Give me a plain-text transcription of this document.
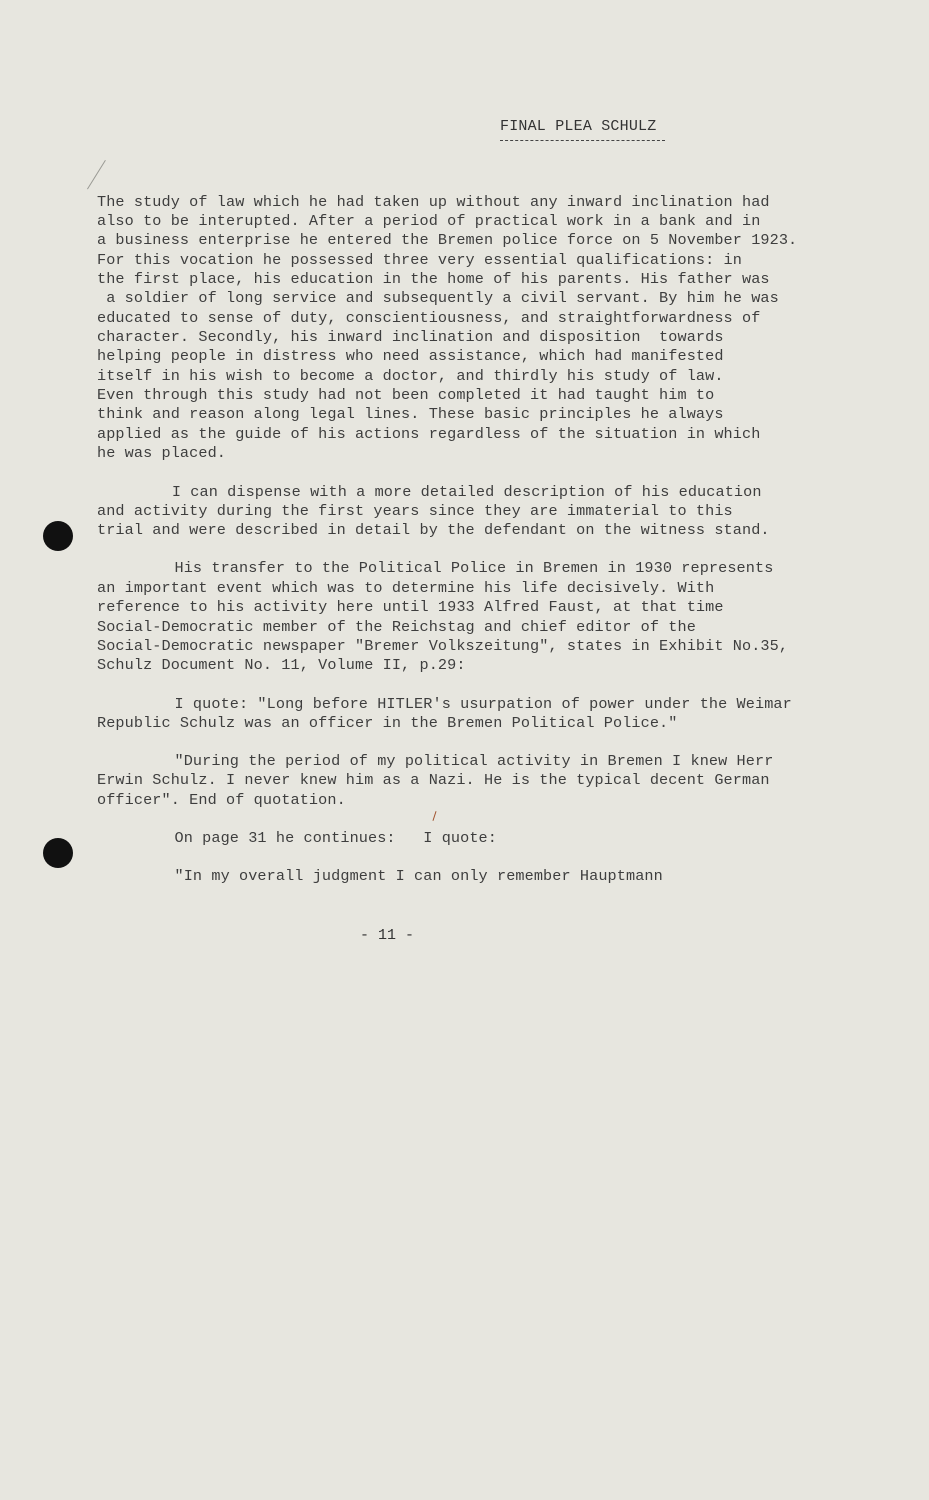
FINAL PLEA SCHULZ
The study of law which he had taken up without any inward inclination had
also to be interupted. After a period of practical work in a bank and in
a business enterprise he entered the Bremen police force on 5 November 1923.
For this vocation he possessed three very essential qualifications: in
the first place, his education in the home of his parents. His father was
a soldier of long service and subsequently a civil servant. By him he was
educated to sense of duty, conscientiousness, and straightforwardness of
character. Secondly, his inward inclination and disposition  towards
helping people in distress who need assistance, which had manifested
itself in his wish to become a doctor, and thirdly his study of law.
Even through this study had not been completed it had taught him to
think and reason along legal lines. These basic principles he always
applied as the guide of his actions regardless of the situation in which
he was placed.
I can dispense with a more detailed description of his education
and activity during the first years since they are immaterial to this
trial and were described in detail by the defendant on the witness stand.
His transfer to the Political Police in Bremen in 1930 represents
an important event which was to determine his life decisively. With
reference to his activity here until 1933 Alfred Faust, at that time
Social-Democratic member of the Reichstag and chief editor of the
Social-Democratic newspaper "Bremer Volkszeitung", states in Exhibit No.35,
Schulz Document No. 11, Volume II, p.29:
I quote: "Long before HITLER's usurpation of power under the Weimar
Republic Schulz was an officer in the Bremen Political Police."
"During the period of my political activity in Bremen I knew Herr
Erwin Schulz. I never knew him as a Nazi. He is the typical decent German
officer". End of quotation.
On page 31 he continues:   I quote:
"In my overall judgment I can only remember Hauptmann
- 11 -
